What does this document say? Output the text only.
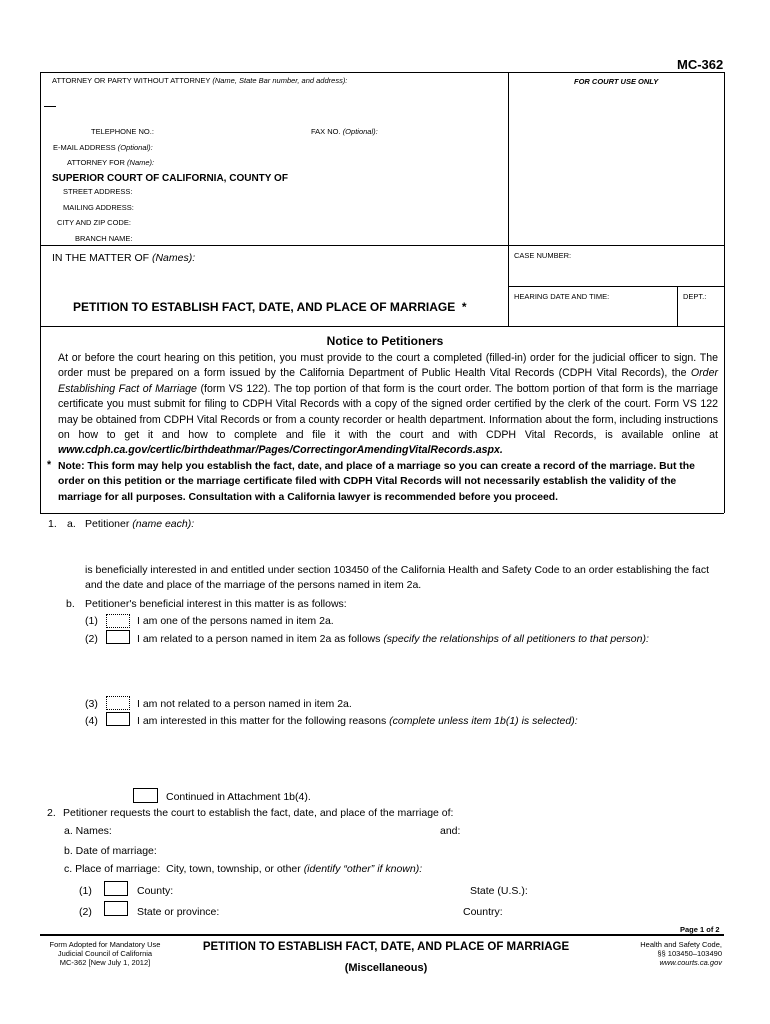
MC-362
ATTORNEY OR PARTY WITHOUT ATTORNEY (Name, State Bar number, and address):	FOR COURT USE ONLY
TELEPHONE NO.:	FAX NO. (Optional):
E-MAIL ADDRESS (Optional):
ATTORNEY FOR (Name):
SUPERIOR COURT OF CALIFORNIA, COUNTY OF
STREET ADDRESS:
MAILING ADDRESS:
CITY AND ZIP CODE:
BRANCH NAME:
IN THE MATTER OF (Names):	CASE NUMBER:
HEARING DATE AND TIME:	DEPT.:
PETITION TO ESTABLISH FACT, DATE, AND PLACE OF MARRIAGE *
Notice to Petitioners

At or before the court hearing on this petition, you must provide to the court a completed (filled-in) order for the judicial officer to sign. The order must be prepared on a form issued by the California Department of Public Health Vital Records (CDPH Vital Records), the Order Establishing Fact of Marriage (form VS 122). The top portion of that form is the court order. The bottom portion of that form is the marriage certificate you must submit for filing to CDPH Vital Records with a copy of the signed order certified by the clerk of the court. Form VS 122 may be obtained from CDPH Vital Records or from a county recorder or health department. Information about the form, including instructions on how to get it and how to complete and file it with the court and with CDPH Vital Records, is available online at www.cdph.ca.gov/certlic/birthdeathmar/Pages/CorrectingorAmendingVitalRecords.aspx.

* Note: This form may help you establish the fact, date, and place of a marriage so you can create a record of the marriage. But the order on this petition or the marriage certificate filed with CDPH Vital Records will not necessarily establish the validity of the marriage for all purposes. Consultation with a California lawyer is recommended before you proceed.
1. a. Petitioner (name each):
is beneficially interested in and entitled under section 103450 of the California Health and Safety Code to an order establishing the fact and the date and place of the marriage of the persons named in item 2a.
b. Petitioner's beneficial interest in this matter is as follows:
(1)	I am one of the persons named in item 2a.
(2)	I am related to a person named in item 2a as follows (specify the relationships of all petitioners to that person):
(3)	I am not related to a person named in item 2a.
(4)	I am interested in this matter for the following reasons (complete unless item 1b(1) is selected):
Continued in Attachment 1b(4).
2. Petitioner requests the court to establish the fact, date, and place of the marriage of:
a. Names:	and:
b. Date of marriage:
c. Place of marriage: City, town, township, or other (identify “other” if known):
(1)	County:	State (U.S.):
(2)	State or province:	Country:
Page 1 of 2
Form Adopted for Mandatory Use
Judicial Council of California
MC-362 [New July 1, 2012]
PETITION TO ESTABLISH FACT, DATE, AND PLACE OF MARRIAGE
(Miscellaneous)
Health and Safety Code,
§§ 103450–103490
www.courts.ca.gov
